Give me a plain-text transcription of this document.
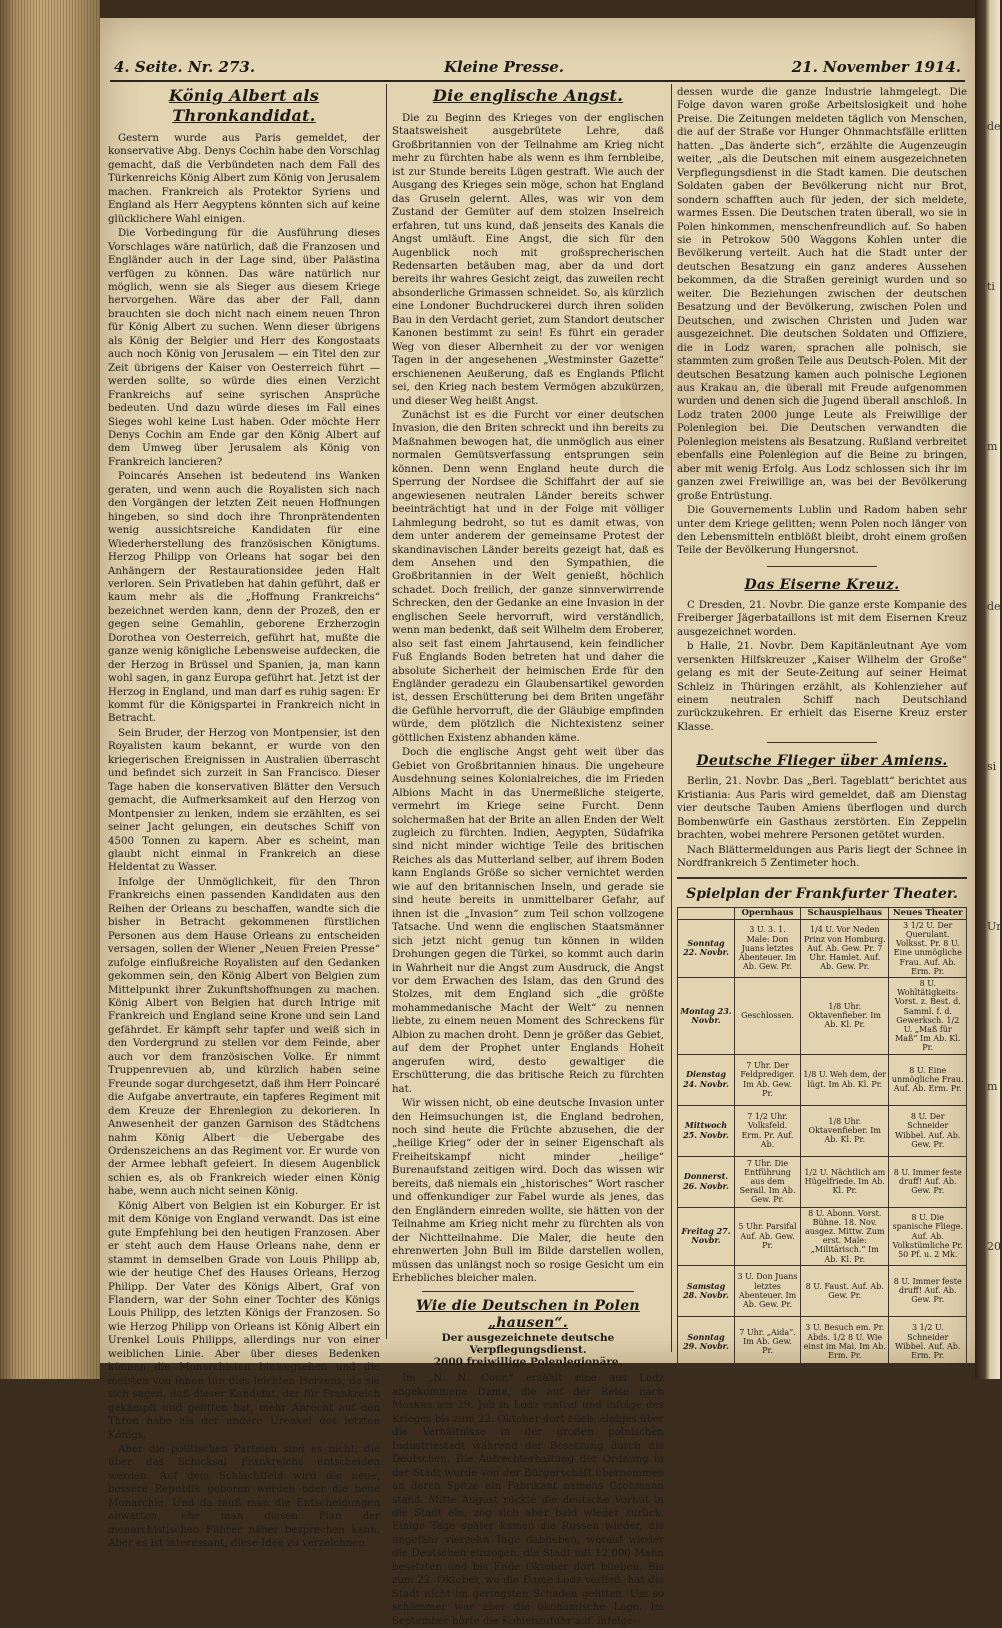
4. Seite. Nr. 273.	Kleine Presse.	21. November 1914.
König Albert als Thronkandidat.

Gestern wurde aus Paris gemeldet, der konservative Abg. Denys Cochin habe den Vorschlag gemacht, daß die Verbündeten nach dem Fall des Türkenreichs König Albert zum König von Jerusalem machen. Frankreich als Protektor Syriens und England als Herr Aegyptens könnten sich auf keine glücklichere Wahl einigen.

Die Vorbedingung für die Ausführung dieses Vorschlages wäre natürlich, daß die Franzosen und Engländer auch in der Lage sind, über Palästina verfügen zu können. Das wäre natürlich nur möglich, wenn sie als Sieger aus diesem Kriege hervorgehen. Wäre das aber der Fall, dann brauchten sie doch nicht nach einem neuen Thron für König Albert zu suchen. Wenn dieser übrigens als König der Belgier und Herr des Kongostaats auch noch König von Jerusalem — ein Titel den zur Zeit übrigens der Kaiser von Oesterreich führt — werden sollte, so würde dies einen Verzicht Frankreichs auf seine syrischen Ansprüche bedeuten. Und dazu würde dieses im Fall eines Sieges wohl keine Lust haben. Oder möchte Herr Denys Cochin am Ende gar den König Albert auf dem Umweg über Jerusalem als König von Frankreich lancieren?

Poincarés Ansehen ist bedeutend ins Wanken geraten, und wenn auch die Royalisten sich nach den Vorgängen der letzten Zeit neuen Hoffnungen hingeben, so sind doch ihre Thronprätendenten wenig aussichtsreiche Kandidaten für eine Wiederherstellung des französischen Königtums. Herzog Philipp von Orleans hat sogar bei den Anhängern der Restaurationsidee jeden Halt verloren. Sein Privatleben hat dahin geführt, daß er kaum mehr als die „Hoffnung Frankreichs“ bezeichnet werden kann, denn der Prozeß, den er gegen seine Gemahlin, geborene Erzherzogin Dorothea von Oesterreich, geführt hat, mußte die ganze wenig königliche Lebensweise aufdecken, die der Herzog in Brüssel und Spanien, ja, man kann wohl sagen, in ganz Europa geführt hat. Jetzt ist der Herzog in England, und man darf es ruhig sagen: Er kommt für die Königspartei in Frankreich nicht in Betracht.

Sein Bruder, der Herzog von Montpensier, ist den Royalisten kaum bekannt, er wurde von den kriegerischen Ereignissen in Australien überrascht und befindet sich zurzeit in San Francisco. Dieser Tage haben die konservativen Blätter den Versuch gemacht, die Aufmerksamkeit auf den Herzog von Montpensier zu lenken, indem sie erzählten, es sei seiner Jacht gelungen, ein deutsches Schiff von 4500 Tonnen zu kapern. Aber es scheint, man glaubt nicht einmal in Frankreich an diese Heldentat zu Wasser.

Infolge der Unmöglichkeit, für den Thron Frankreichs einen passenden Kandidaten aus den Reihen der Orleans zu beschaffen, wandte sich die bisher in Betracht gekommenen fürstlichen Personen aus dem Hause Orleans zu entscheiden versagen, sollen der Wiener „Neuen Freien Presse“ zufolge einflußreiche Royalisten auf den Gedanken gekommen sein, den König Albert von Belgien zum Mittelpunkt ihrer Zukunftshoffnungen zu machen. König Albert von Belgien hat durch Intrige mit Frankreich und England seine Krone und sein Land gefährdet. Er kämpft sehr tapfer und weiß sich in den Vordergrund zu stellen vor dem Feinde, aber auch vor dem französischen Volke. Er nimmt Truppenrevuen ab, und kürzlich haben seine Freunde sogar durchgesetzt, daß ihm Herr Poincaré die Aufgabe anvertraute, ein tapferes Regiment mit dem Kreuze der Ehrenlegion zu dekorieren. In Anwesenheit der ganzen Garnison des Städtchens nahm König Albert die Uebergabe des Ordenszeichens an das Regiment vor. Er wurde von der Armee lebhaft gefeiert. In diesem Augenblick schien es, als ob Frankreich wieder einen König habe, wenn auch nicht seinen König.

König Albert von Belgien ist ein Koburger. Er ist mit dem Könige von England verwandt. Das ist eine gute Empfehlung bei den heutigen Franzosen. Aber er steht auch dem Hause Orleans nahe, denn er stammt in demselben Grade von Louis Philipp ab, wie der heutige Chef des Hauses Orleans, Herzog Philipp. Der Vater des Königs Albert, Graf von Flandern, war der Sohn einer Tochter des Königs Louis Philipp, des letzten Königs der Franzosen. So wie Herzog Philipp von Orleans ist König Albert ein Urenkel Louis Philipps, allerdings nur von einer weiblichen Linie. Aber über dieses Bedenken können die Monarchisten hinwegsehen und die meisten von ihnen tun dies leichten Herzens, da sie sich sagen, daß dieser Kandidat, der für Frankreich gekämpft und gelitten hat, mehr Anrecht auf den Thron habe als der andere Urenkel des letzten Königs.

Aber die politischen Parteien sind es nicht, die über das Schicksal Frankreichs entscheiden werden. Auf dem Schlachtfeld wird die neue, bessere Republik geboren werden oder die neue Monarchie. Und da muß man die Entscheidungen abwarten, ehe man diesen Plan der monarchistischen Führer näher besprechen kann. Aber es ist interessant, diese Idee zu verzeichnen.

Die englische Angst.

Die zu Beginn des Krieges von der englischen Staatsweisheit ausgebrütete Lehre, daß Großbritannien von der Teilnahme am Krieg nicht mehr zu fürchten habe als wenn es ihm fernbleibe, ist zur Stunde bereits Lügen gestraft. Wie auch der Ausgang des Krieges sein möge, schon hat England das Gruseln gelernt. Alles, was wir von dem Zustand der Gemüter auf dem stolzen Inselreich erfahren, tut uns kund, daß jenseits des Kanals die Angst umläuft. Eine Angst, die sich für den Augenblick noch mit großsprecherischen Redensarten betäuben mag, aber da und dort bereits ihr wahres Gesicht zeigt, das zuweilen recht absonderliche Grimassen schneidet. So, als kürzlich eine Londoner Buchdruckerei durch ihren soliden Bau in den Verdacht geriet, zum Standort deutscher Kanonen bestimmt zu sein! Es führt ein gerader Weg von dieser Albernheit zu der vor wenigen Tagen in der angesehenen „Westminster Gazette“ erschienenen Aeußerung, daß es Englands Pflicht sei, den Krieg nach bestem Vermögen abzukürzen, und dieser Weg heißt Angst.

Zunächst ist es die Furcht vor einer deutschen Invasion, die den Briten schreckt und ihn bereits zu Maßnahmen bewogen hat, die unmöglich aus einer normalen Gemütsverfassung entsprungen sein können. Denn wenn England heute durch die Sperrung der Nordsee die Schiffahrt der auf sie angewiesenen neutralen Länder bereits schwer beeinträchtigt hat und in der Folge mit völliger Lahmlegung bedroht, so tut es damit etwas, von dem unter anderem der gemeinsame Protest der skandinavischen Länder bereits gezeigt hat, daß es dem Ansehen und den Sympathien, die Großbritannien in der Welt genießt, höchlich schadet. Doch freilich, der ganze sinnverwirrende Schrecken, den der Gedanke an eine Invasion in der englischen Seele hervorruft, wird verständlich, wenn man bedenkt, daß seit Wilhelm dem Eroberer, also seit fast einem Jahrtausend, kein feindlicher Fuß Englands Boden betreten hat und daher die absolute Sicherheit der heimischen Erde für den Engländer geradezu ein Glaubensartikel geworden ist, dessen Erschütterung bei dem Briten ungefähr die Gefühle hervorruft, die der Gläubige empfinden würde, dem plötzlich die Nichtexistenz seiner göttlichen Existenz abhanden käme.

Doch die englische Angst geht weit über das Gebiet von Großbritannien hinaus. Die ungeheure Ausdehnung seines Kolonialreiches, die im Frieden Albions Macht in das Unermeßliche steigerte, vermehrt im Kriege seine Furcht. Denn solchermaßen hat der Brite an allen Enden der Welt zugleich zu fürchten. Indien, Aegypten, Südafrika sind nicht minder wichtige Teile des britischen Reiches als das Mutterland selber, auf ihrem Boden kann Englands Größe so sicher vernichtet werden wie auf den britannischen Inseln, und gerade sie sind heute bereits in unmittelbarer Gefahr, auf ihnen ist die „Invasion“ zum Teil schon vollzogene Tatsache. Und wenn die englischen Staatsmänner sich jetzt nicht genug tun können in wilden Drohungen gegen die Türkei, so kommt auch darin in Wahrheit nur die Angst zum Ausdruck, die Angst vor dem Erwachen des Islam, das den Grund des Stolzes, mit dem England sich „die größte mohammedanische Macht der Welt“ zu nennen liebte, zu einem neuen Moment des Schreckens für Albion zu machen droht. Denn je größer das Gebiet, auf dem der Prophet unter Englands Hoheit angerufen wird, desto gewaltiger die Erschütterung, die das britische Reich zu fürchten hat.

Wir wissen nicht, ob eine deutsche Invasion unter den Heimsuchungen ist, die England bedrohen, noch sind heute die Früchte abzusehen, die der „heilige Krieg“ oder der in seiner Eigenschaft als Freiheitskampf nicht minder „heilige“ Burenaufstand zeitigen wird. Doch das wissen wir bereits, daß niemals ein „historisches“ Wort rascher und offenkundiger zur Fabel wurde als jenes, das den Engländern einreden wollte, sie hätten von der Teilnahme am Krieg nicht mehr zu fürchten als von der Nichtteilnahme. Die Maler, die heute den ehrenwerten John Bull im Bilde darstellen wollen, müssen das unlängst noch so rosige Gesicht um ein Erhebliches bleicher malen.

Wie die Deutschen in Polen „hausen“.
Der ausgezeichnete deutsche Verpflegungsdienst.
2000 freiwillige Polenlegionäre.

Im „N. N. Cour.“ erzählt eine aus Lodz angekommene Dame, die auf der Reise nach Moskau am 29. Juli in Lodz eintraf und infolge des Krieges bis zum 22. Oktober dort blieb, einiges über die Verhältnisse in der großen polnischen Industriestadt während der Besetzung durch die Deutschen. Die Aufrechterhaltung der Ordnung in der Stadt wurde von der Bürgerschaft übernommen an deren Spitze ein Fabrikant namens Grohmann stand. Mitte August rückte die deutsche Vorhut in die Stadt ein, zog sich aber bald wieder zurück. Einige Tage später kamen die Russen wieder, die ungefähr vierzehn Tage dablieben, worauf wieder die Deutschen einzogen, die Stadt mit 12.000 Mann besetzten und bis Ende Oktober dort blieben. Bis zum 22. Oktober, wo die Dame Lodz verließ, hat die Stadt nicht im geringsten Schaden gelitten. Um so schlimmer war aber die ökonomische Lage. Im September hörte die Kohlenzufuhr auf, infolge-

dessen wurde die ganze Industrie lahmgelegt. Die Folge davon waren große Arbeitslosigkeit und hohe Preise. Die Zeitungen meldeten täglich von Menschen, die auf der Straße vor Hunger Ohnmachtsfälle erlitten hatten. „Das änderte sich“, erzählte die Augenzeugin weiter, „als die Deutschen mit einem ausgezeichneten Verpflegungsdienst in die Stadt kamen. Die deutschen Soldaten gaben der Bevölkerung nicht nur Brot, sondern schafften auch für jeden, der sich meldete, warmes Essen. Die Deutschen traten überall, wo sie in Polen hinkommen, menschenfreundlich auf. So haben sie in Petrokow 500 Waggons Kohlen unter die Bevölkerung verteilt. Auch hat die Stadt unter der deutschen Besatzung ein ganz anderes Aussehen bekommen, da die Straßen gereinigt wurden und so weiter. Die Beziehungen zwischen der deutschen Besatzung und der Bevölkerung, zwischen Polen und Deutschen, und zwischen Christen und Juden war ausgezeichnet. Die deutschen Soldaten und Offiziere, die in Lodz waren, sprachen alle polnisch, sie stammten zum großen Teile aus Deutsch-Polen. Mit der deutschen Besatzung kamen auch polnische Legionen aus Krakau an, die überall mit Freude aufgenommen wurden und denen sich die Jugend überall anschloß. In Lodz traten 2000 junge Leute als Freiwillige der Polenlegion bei. Die Deutschen verwandten die Polenlegion meistens als Besatzung. Rußland verbreitet ebenfalls eine Polenlegion auf die Beine zu bringen, aber mit wenig Erfolg. Aus Lodz schlossen sich ihr im ganzen zwei Freiwillige an, was bei der Bevölkerung große Entrüstung.

Die Gouvernements Lublin und Radom haben sehr unter dem Kriege gelitten; wenn Polen noch länger von den Lebensmitteln entblößt bleibt, droht einem großen Teile der Bevölkerung Hungersnot.

Das Eiserne Kreuz.

C Dresden, 21. Novbr. Die ganze erste Kompanie des Freiberger Jägerbataillons ist mit dem Eisernen Kreuz ausgezeichnet worden.

b Halle, 21. Novbr. Dem Kapitänleutnant Aye vom versenkten Hilfskreuzer „Kaiser Wilhelm der Große“ gelang es mit der Seute-Zeitung auf seiner Heimat Schleiz in Thüringen erzählt, als Kohlenzieher auf einem neutralen Schiff nach Deutschland zurückzukehren. Er erhielt das Eiserne Kreuz erster Klasse.

Deutsche Flieger über Amiens.

Berlin, 21. Novbr. Das „Berl. Tageblatt“ berichtet aus Kristiania: Aus Paris wird gemeldet, daß am Dienstag vier deutsche Tauben Amiens überflogen und durch Bombenwürfe ein Gasthaus zerstörten. Ein Zeppelin brachten, wobei mehrere Personen getötet wurden.

Nach Blättermeldungen aus Paris liegt der Schnee in Nordfrankreich 5 Zentimeter hoch.

Spielplan der Frankfurter Theater.
	Opernhaus	Schauspielhaus	Neues Theater
Sonntag 22. Novbr.	3 U. 3. 1. Male: Don Juans letztes Abenteuer. Im Ab. Gew. Pr.	1/4 U. Vor Neden Prinz von Homburg. Auf. Ab. Gew. Pr. 7 Uhr. Hamlet. Auf. Ab. Gew. Pr.	3 1/2 U. Der Querulant. Volksst. Pr. 8 U. Eine unmögliche Frau. Auf. Ab. Erm. Pr.
Montag 23. Novbr.	Geschlossen.	1/8 Uhr. Oktavenfieber. Im Ab. Kl. Pr.	8 U. Wohltätigkeits-Vorst. z. Best. d. Samml. f. d. Gewerksch. 1/2 U. „Maß für Maß“ Im Ab. Kl. Pr.
Dienstag 24. Novbr.	7 Uhr. Der Feldprediger. Im Ab. Gew. Pr.	1/8 U. Weh dem, der lügt. Im Ab. Kl. Pr.	8 U. Eine unmögliche Frau. Auf. Ab. Erm. Pr.
Mittwoch 25. Novbr.	7 1/2 Uhr. Volksfeld. Erm. Pr. Auf. Ab.	1/8 Uhr. Oktavenfieber. Im Ab. Kl. Pr.	8 U. Der Schneider Wibbel. Auf. Ab. Gew. Pr.
Donnerst. 26. Novbr.	7 Uhr. Die Entführung aus dem Serail. Im Ab. Gew. Pr.	1/2 U. Nächtlich am Hügelfriede. Im Ab. Kl. Pr.	8 U. Immer feste druff! Auf. Ab. Gew. Pr.
Freitag 27. Novbr.	5 Uhr. Parsifal Auf. Ab. Gew. Pr.	8 U. Abonn. Vorst. Bühne. 18. Nov. ausgez. Mittw. Zum erst. Male: „Militärisch.“ Im Ab. Kl. Pr.	8 U. Die spanische Fliege. Auf. Ab. Volkstümliche Pr. 50 Pf. u. 2 Mk.
Samstag 28. Novbr.	3 U. Don Juans letztes Abenteuer. Im Ab. Gew. Pr.	8 U. Faust. Auf. Ab. Gew. Pr.	8 U. Immer feste druff! Auf. Ab. Gew. Pr.
Sonntag 29. Novbr.	7 Uhr. „Aida“. Im Ab. Gew. Pr.	3 U. Besuch em. Pr. Abds. 1/2 8 U. Wie einst im Mai. Im Ab. Erm. Pr.	3 1/2 U. Schneider Wibbel. Auf. Ab. Erm. Pr.
de
ti
m
de
si
Ur
m
20
